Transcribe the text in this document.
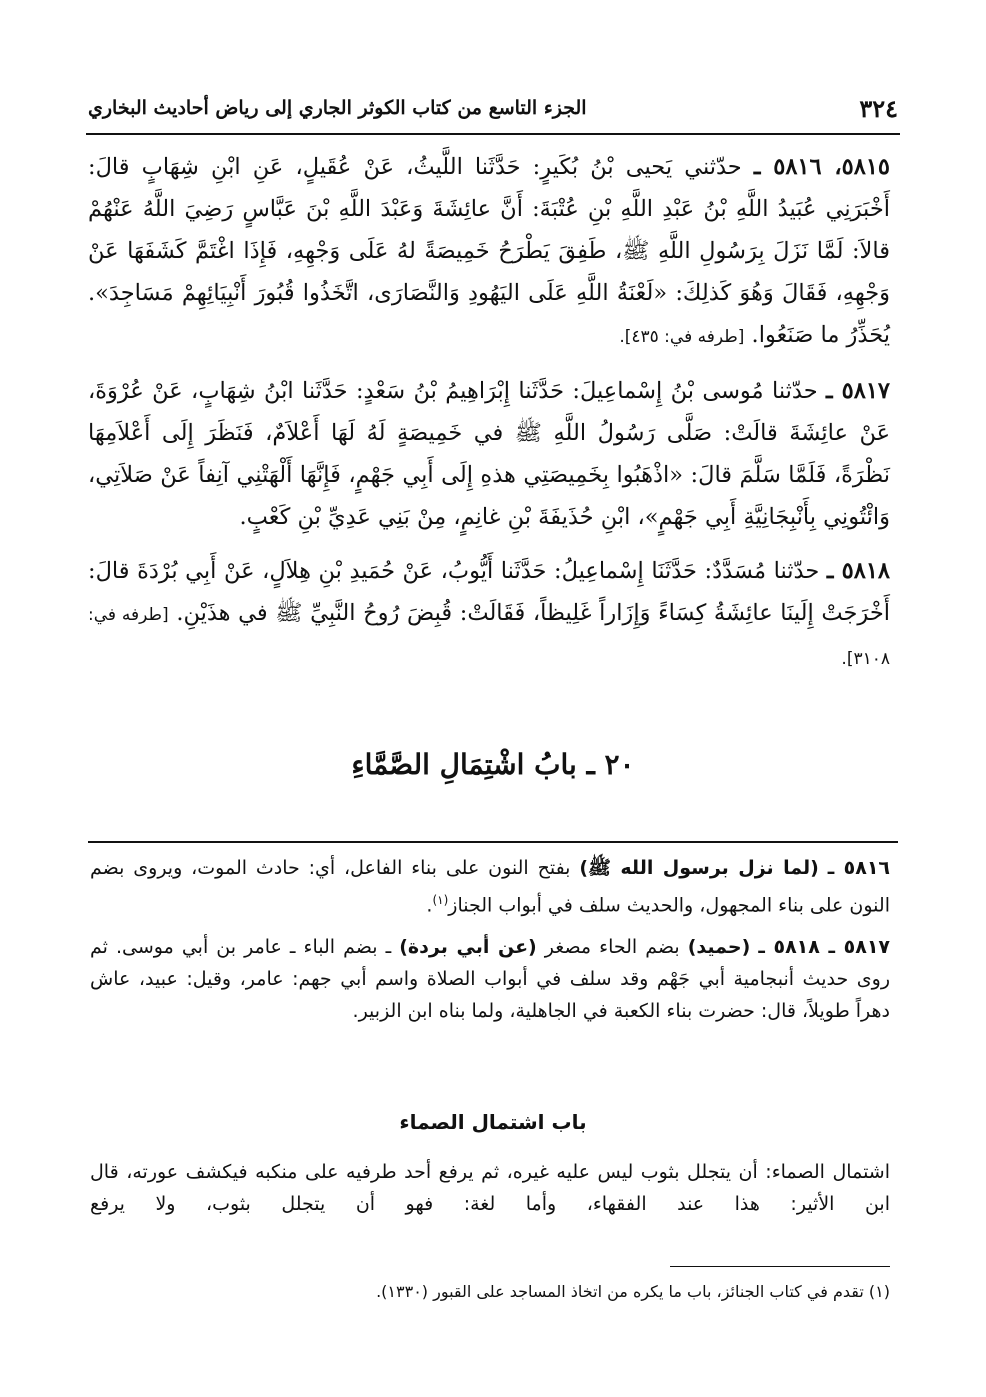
٣٢٤
الجزء التاسع من كتاب الكوثر الجاري إلى رياض أحاديث البخاري

٥٨١٥، ٥٨١٦ ـ حدّثني يَحيى بْنُ بُكَيرٍ: حَدَّثَنا اللَّيثُ، عَنْ عُقَيلٍ، عَنِ ابْنِ شِهَابٍ قالَ: أَخْبَرَنِي عُبَيدُ اللَّهِ بْنُ عَبْدِ اللَّهِ بْنِ عُتْبَةَ: أَنَّ عائِشَةَ وَعَبْدَ اللَّهِ بْنَ عَبَّاسٍ رَضِيَ اللَّهُ عَنْهُمْ قالاَ: لَمَّا نَزَلَ بِرَسُولِ اللَّهِ ﷺ، طَفِقَ يَطْرَحُ خَمِيصَةً لهُ عَلَى وَجْهِهِ، فَإِذَا اغْتَمَّ كَشَفَهَا عَنْ وَجْهِهِ، فَقَالَ وَهُوَ كَذلِكَ: «لَعْنَةُ اللَّهِ عَلَى اليَهُودِ وَالنَّصَارَى، اتَّخَذُوا قُبُورَ أَنْبِيَائِهِمْ مَسَاجِدَ». يُحَذِّرُ ما صَنَعُوا. [طرفه في: ٤٣٥].

٥٨١٧ ـ حدّثنا مُوسى بْنُ إِسْماعِيلَ: حَدَّثَنا إِبْرَاهِيمُ بْنُ سَعْدٍ: حَدَّثَنا ابْنُ شِهَابٍ، عَنْ عُرْوَةَ، عَنْ عائِشَةَ قالَتْ: صَلَّى رَسُولُ اللَّهِ ﷺ في خَمِيصَةٍ لَهُ لَهَا أَعْلاَمٌ، فَنَظَرَ إِلَى أَعْلاَمِهَا نَظْرَةً، فَلَمَّا سَلَّمَ قالَ: «اذْهَبُوا بِخَمِيصَتِي هذهِ إِلَى أَبِي جَهْمٍ، فَإِنَّهَا أَلْهَتْنِي آنِفاً عَنْ صَلاَتِي، وَائْتُونِي بِأَنْبِجَانِيَّةِ أَبِي جَهْمٍ»، ابْنِ حُذَيفَةَ بْنِ غانِمٍ، مِنْ بَنِي عَدِيِّ بْنِ كَعْبٍ.

٥٨١٨ ـ حدّثنا مُسَدَّدٌ: حَدَّثَنَا إِسْماعِيلُ: حَدَّثَنا أَيُّوبُ، عَنْ حُمَيدِ بْنِ هِلاَلٍ، عَنْ أَبِي بُرْدَةَ قالَ: أَخْرَجَتْ إِلَينَا عائِشَةُ كِسَاءً وَإِزَاراً غَلِيظاً، فَقَالَتْ: قُبِضَ رُوحُ النَّبِيِّ ﷺ في هذَيْنِ. [طرفه في: ٣١٠٨].

٢٠ ـ بابُ اشْتِمَالِ الصَّمَّاءِ

٥٨١٦ ـ (لما نزل برسول الله ﷺ) بفتح النون على بناء الفاعل، أي: حادث الموت، ويروى بضم النون على بناء المجهول، والحديث سلف في أبواب الجناز$^{(١)}$.

٥٨١٧ ـ ٥٨١٨ ـ (حميد) بضم الحاء مصغر (عن أبي بردة) ـ بضم الباء ـ عامر بن أبي موسى. ثم روى حديث أنبجامية أبي جَهْم وقد سلف في أبواب الصلاة واسم أبي جهم: عامر، وقيل: عبيد، عاش دهراً طويلاً، قال: حضرت بناء الكعبة في الجاهلية، ولما بناه ابن الزبير.

باب اشتمال الصماء

اشتمال الصماء: أن يتجلل بثوب ليس عليه غيره، ثم يرفع أحد طرفيه على منكبه فيكشف عورته، قال ابن الأثير: هذا عند الفقهاء، وأما لغة: فهو أن يتجلل بثوب، ولا يرفع

(١) تقدم في كتاب الجنائز، باب ما يكره من اتخاذ المساجد على القبور (١٣٣٠).
